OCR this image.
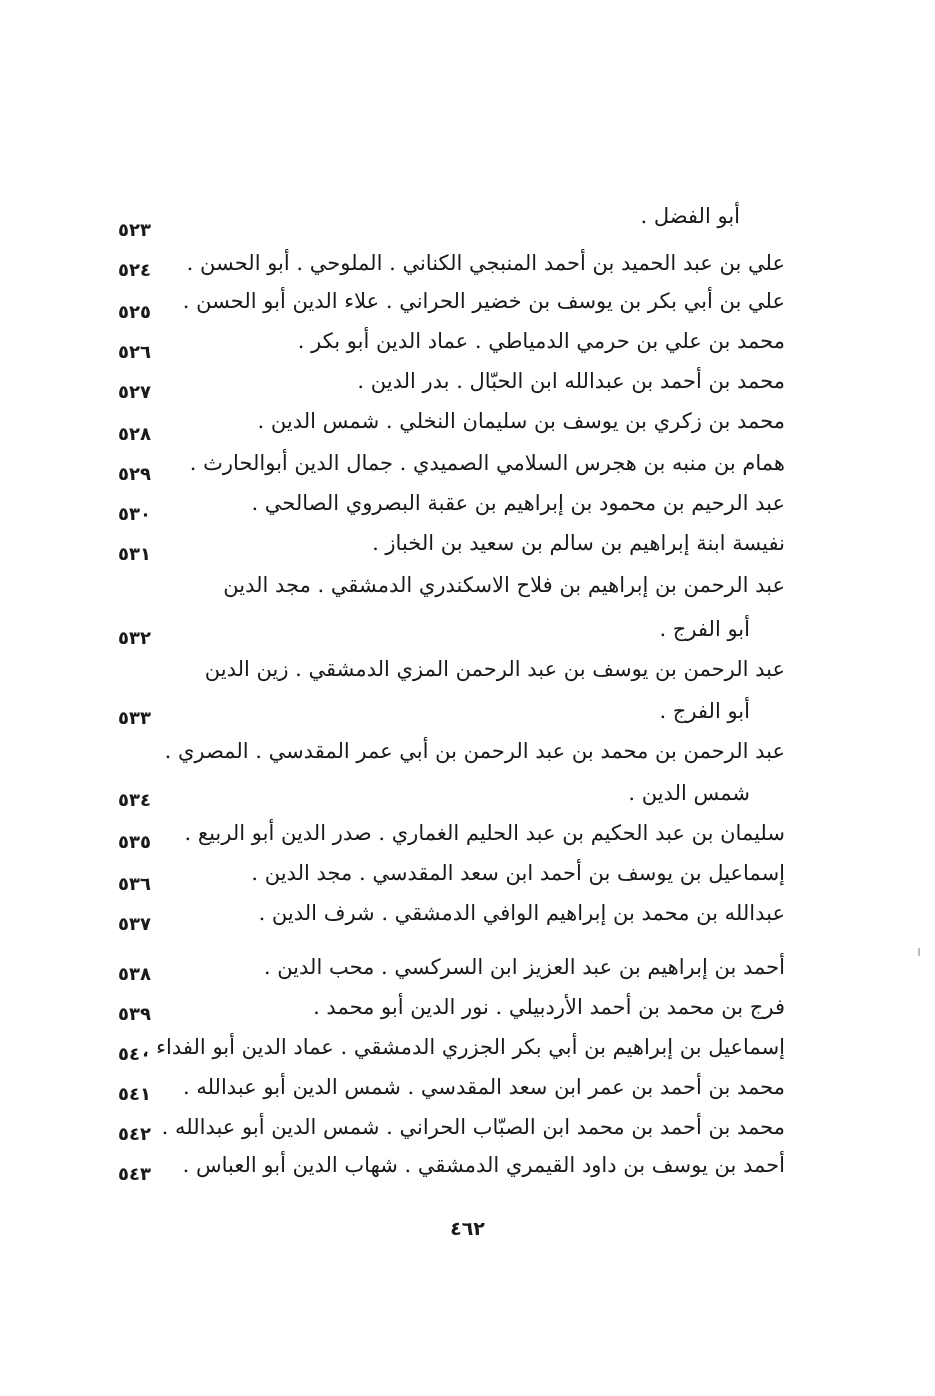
أبو الفضل .
٥٢٣
علي بن عبد الحميد بن أحمد المنبجي الكناني . الملوحي . أبو الحسن .
٥٢٤
علي بن أبي بكر بن يوسف بن خضير الحراني . علاء الدين أبو الحسن .
٥٢٥
محمد بن علي بن حرمي الدمياطي . عماد الدين أبو بكر .
٥٢٦
محمد بن أحمد بن عبدالله ابن الحبّال . بدر الدين .
٥٢٧
محمد بن زكري بن يوسف بن سليمان النخلي . شمس الدين .
٥٢٨
همام بن منبه بن هجرس السلامي الصميدي . جمال الدين أبوالحارث .
٥٢٩
عبد الرحيم بن محمود بن إبراهيم بن عقبة البصروي الصالحي .
٥٣٠
نفيسة ابنة إبراهيم بن سالم بن سعيد بن الخباز .
٥٣١
عبد الرحمن بن إبراهيم بن فلاح الاسكندري الدمشقي . مجد الدين
أبو الفرج .
٥٣٢
عبد الرحمن بن يوسف بن عبد الرحمن المزي الدمشقي . زين الدين
أبو الفرج .
٥٣٣
عبد الرحمن بن محمد بن عبد الرحمن بن أبي عمر المقدسي . المصري .
شمس الدين .
٥٣٤
سليمان بن عبد الحكيم بن عبد الحليم الغماري . صدر الدين أبو الربيع .
٥٣٥
إسماعيل بن يوسف بن أحمد ابن سعد المقدسي . مجد الدين .
٥٣٦
عبدالله بن محمد بن إبراهيم الوافي الدمشقي . شرف الدين .
٥٣٧
أحمد بن إبراهيم بن عبد العزيز ابن السركسي . محب الدين .
٥٣٨
فرج بن محمد بن أحمد الأردبيلي . نور الدين أبو محمد .
٥٣٩
إسماعيل بن إبراهيم بن أبي بكر الجزري الدمشقي . عماد الدين أبو الفداء .
٥٤٠
محمد بن أحمد بن عمر ابن سعد المقدسي . شمس الدين أبو عبدالله .
٥٤١
محمد بن أحمد بن محمد ابن الصبّاب الحراني . شمس الدين أبو عبدالله .
٥٤٢
أحمد بن يوسف بن داود القيمري الدمشقي . شهاب الدين أبو العباس .
٥٤٣
٤٦٢
